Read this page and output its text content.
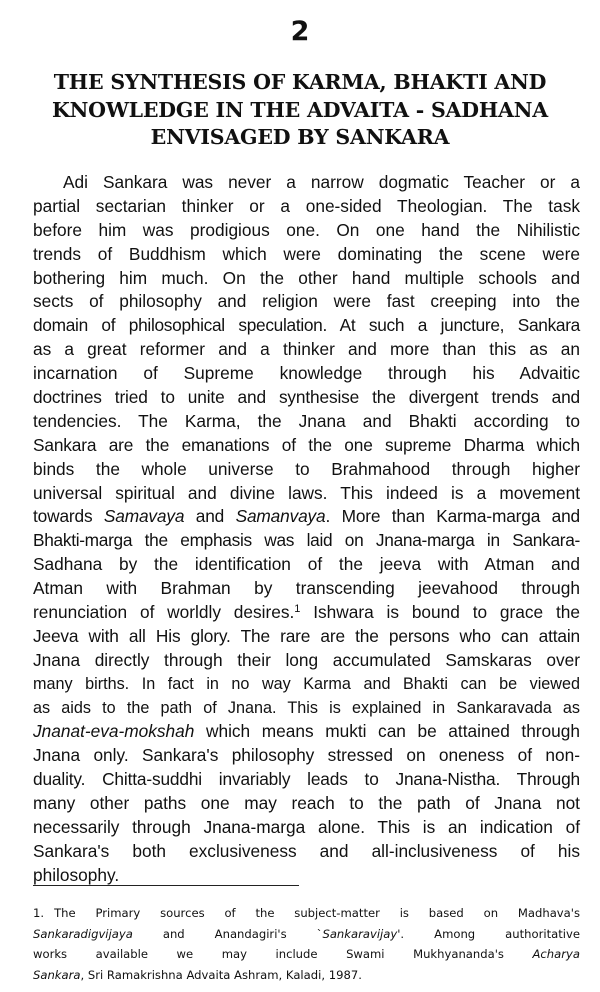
2
THE SYNTHESIS OF KARMA, BHAKTI AND
KNOWLEDGE IN THE ADVAITA - SADHANA
ENVISAGED BY SANKARA
Adi Sankara was never a narrow dogmatic Teacher or a
partial sectarian thinker or a one-sided Theologian. The task
before him was prodigious one. On one hand the Nihilistic
trends of Buddhism which were dominating the scene were
bothering him much. On the other hand multiple schools and
sects of philosophy and religion were fast creeping into the
domain of philosophical speculation. At such a juncture, Sankara
as a great reformer and a thinker and more than this as an
incarnation of Supreme knowledge through his Advaitic
doctrines tried to unite and synthesise the divergent trends and
tendencies. The Karma, the Jnana and Bhakti according to
Sankara are the emanations of the one supreme Dharma which
binds the whole universe to Brahmahood through higher
universal spiritual and divine laws. This indeed is a movement
towards Samavaya and Samanvaya. More than Karma-marga and
Bhakti-marga the emphasis was laid on Jnana-marga in Sankara-
Sadhana by the identification of the jeeva with Atman and
Atman with Brahman by transcending jeevahood through
renunciation of worldly desires.$^1$ Ishwara is bound to grace the
Jeeva with all His glory. The rare are the persons who can attain
Jnana directly through their long accumulated Samskaras over
many births. In fact in no way Karma and Bhakti can be viewed
as aids to the path of Jnana. This is explained in Sankaravada as
Jnanat-eva-mokshah which means mukti can be attained through
Jnana only. Sankara's philosophy stressed on oneness of non-
duality. Chitta-suddhi invariably leads to Jnana-Nistha. Through
many other paths one may reach to the path of Jnana not
necessarily through Jnana-marga alone. This is an indication of
Sankara's both exclusiveness and all-inclusiveness of his
philosophy.
1. The Primary sources of the subject-matter is based on Madhava's
Sankaradigvijaya and Anandagiri's `Sankaravijay'. Among authoritative
works available we may include Swami Mukhyananda's Acharya
Sankara, Sri Ramakrishna Advaita Ashram, Kaladi, 1987.
